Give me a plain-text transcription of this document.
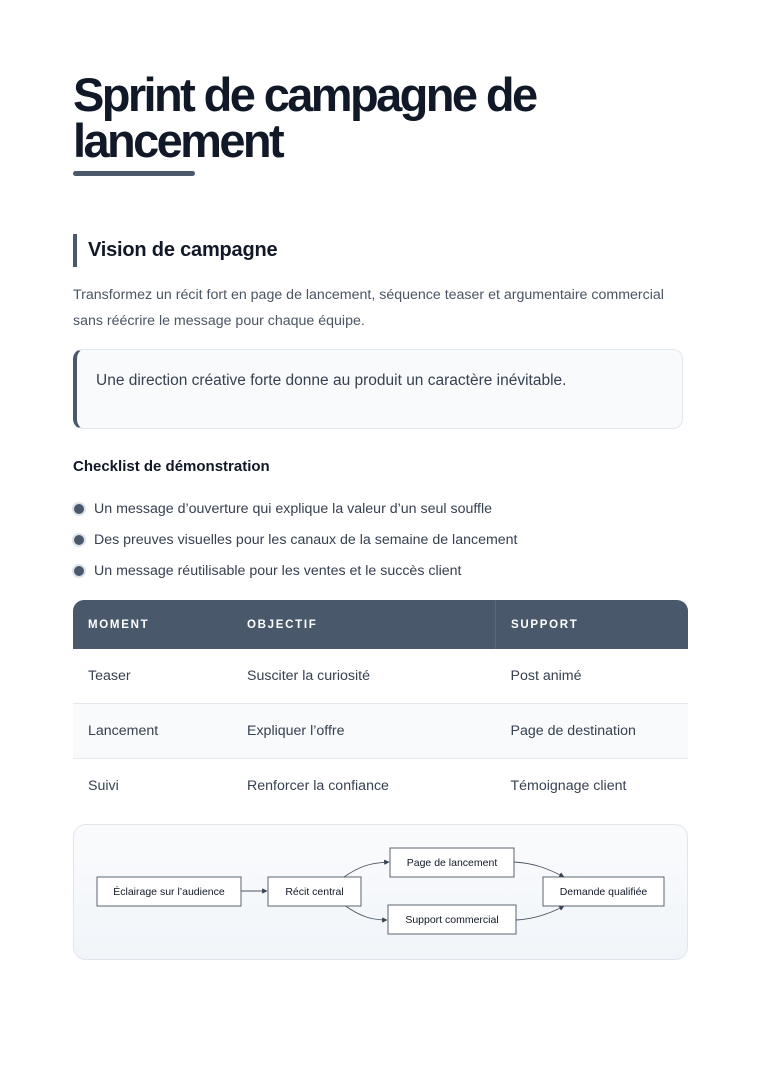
Sprint de campagne de lancement
Vision de campagne

Transformez un récit fort en page de lancement, séquence teaser et argumentaire commercial sans réécrire le message pour chaque équipe.

Une direction créative forte donne au produit un caractère inévitable.

Checklist de démonstration
Un message d’ouverture qui explique la valeur d’un seul souffle
Des preuves visuelles pour les canaux de la semaine de lancement
Un message réutilisable pour les ventes et le succès client
MOMENT	OBJECTIF	SUPPORT
Teaser	Susciter la curiosité	Post animé
Lancement	Expliquer l’offre	Page de destination
Suivi	Renforcer la confiance	Témoignage client
Éclairage sur l’audience	Récit central
Page de lancement
Support commercial
Demande qualifiée
